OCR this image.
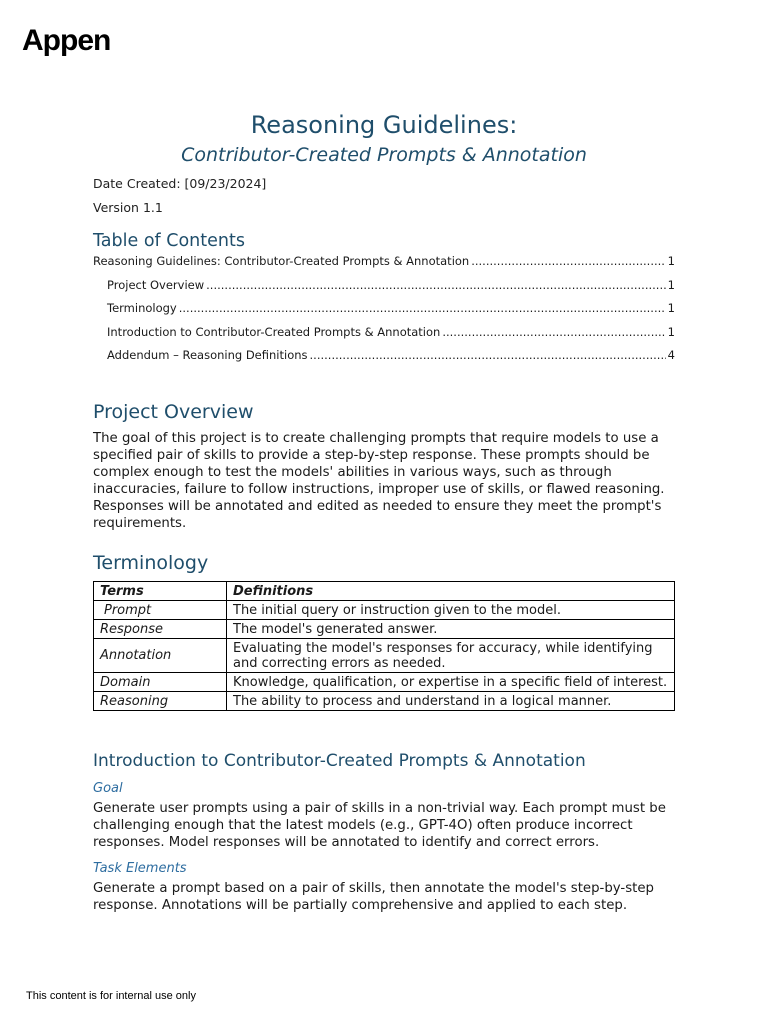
Appen
Reasoning Guidelines:
Contributor-Created Prompts & Annotation
Date Created: [09/23/2024]
Version 1.1
Table of Contents
Reasoning Guidelines: Contributor-Created Prompts & Annotation .....	1
Project Overview .....	1
Terminology .....	1
Introduction to Contributor-Created Prompts & Annotation .....	1
Addendum – Reasoning Definitions .....	4
Project Overview
The goal of this project is to create challenging prompts that require models to use a specified pair of skills to provide a step-by-step response. These prompts should be complex enough to test the models' abilities in various ways, such as through inaccuracies, failure to follow instructions, improper use of skills, or flawed reasoning. Responses will be annotated and edited as needed to ensure they meet the prompt's requirements.
Terminology
Terms	Definitions
Prompt	The initial query or instruction given to the model.
Response	The model's generated answer.
Annotation	Evaluating the model's responses for accuracy, while identifying and correcting errors as needed.
Domain	Knowledge, qualification, or expertise in a specific field of interest.
Reasoning	The ability to process and understand in a logical manner.
Introduction to Contributor-Created Prompts & Annotation
Goal
Generate user prompts using a pair of skills in a non-trivial way. Each prompt must be challenging enough that the latest models (e.g., GPT-4O) often produce incorrect responses. Model responses will be annotated to identify and correct errors.
Task Elements
Generate a prompt based on a pair of skills, then annotate the model's step-by-step response. Annotations will be partially comprehensive and applied to each step.
This content is for internal use only
